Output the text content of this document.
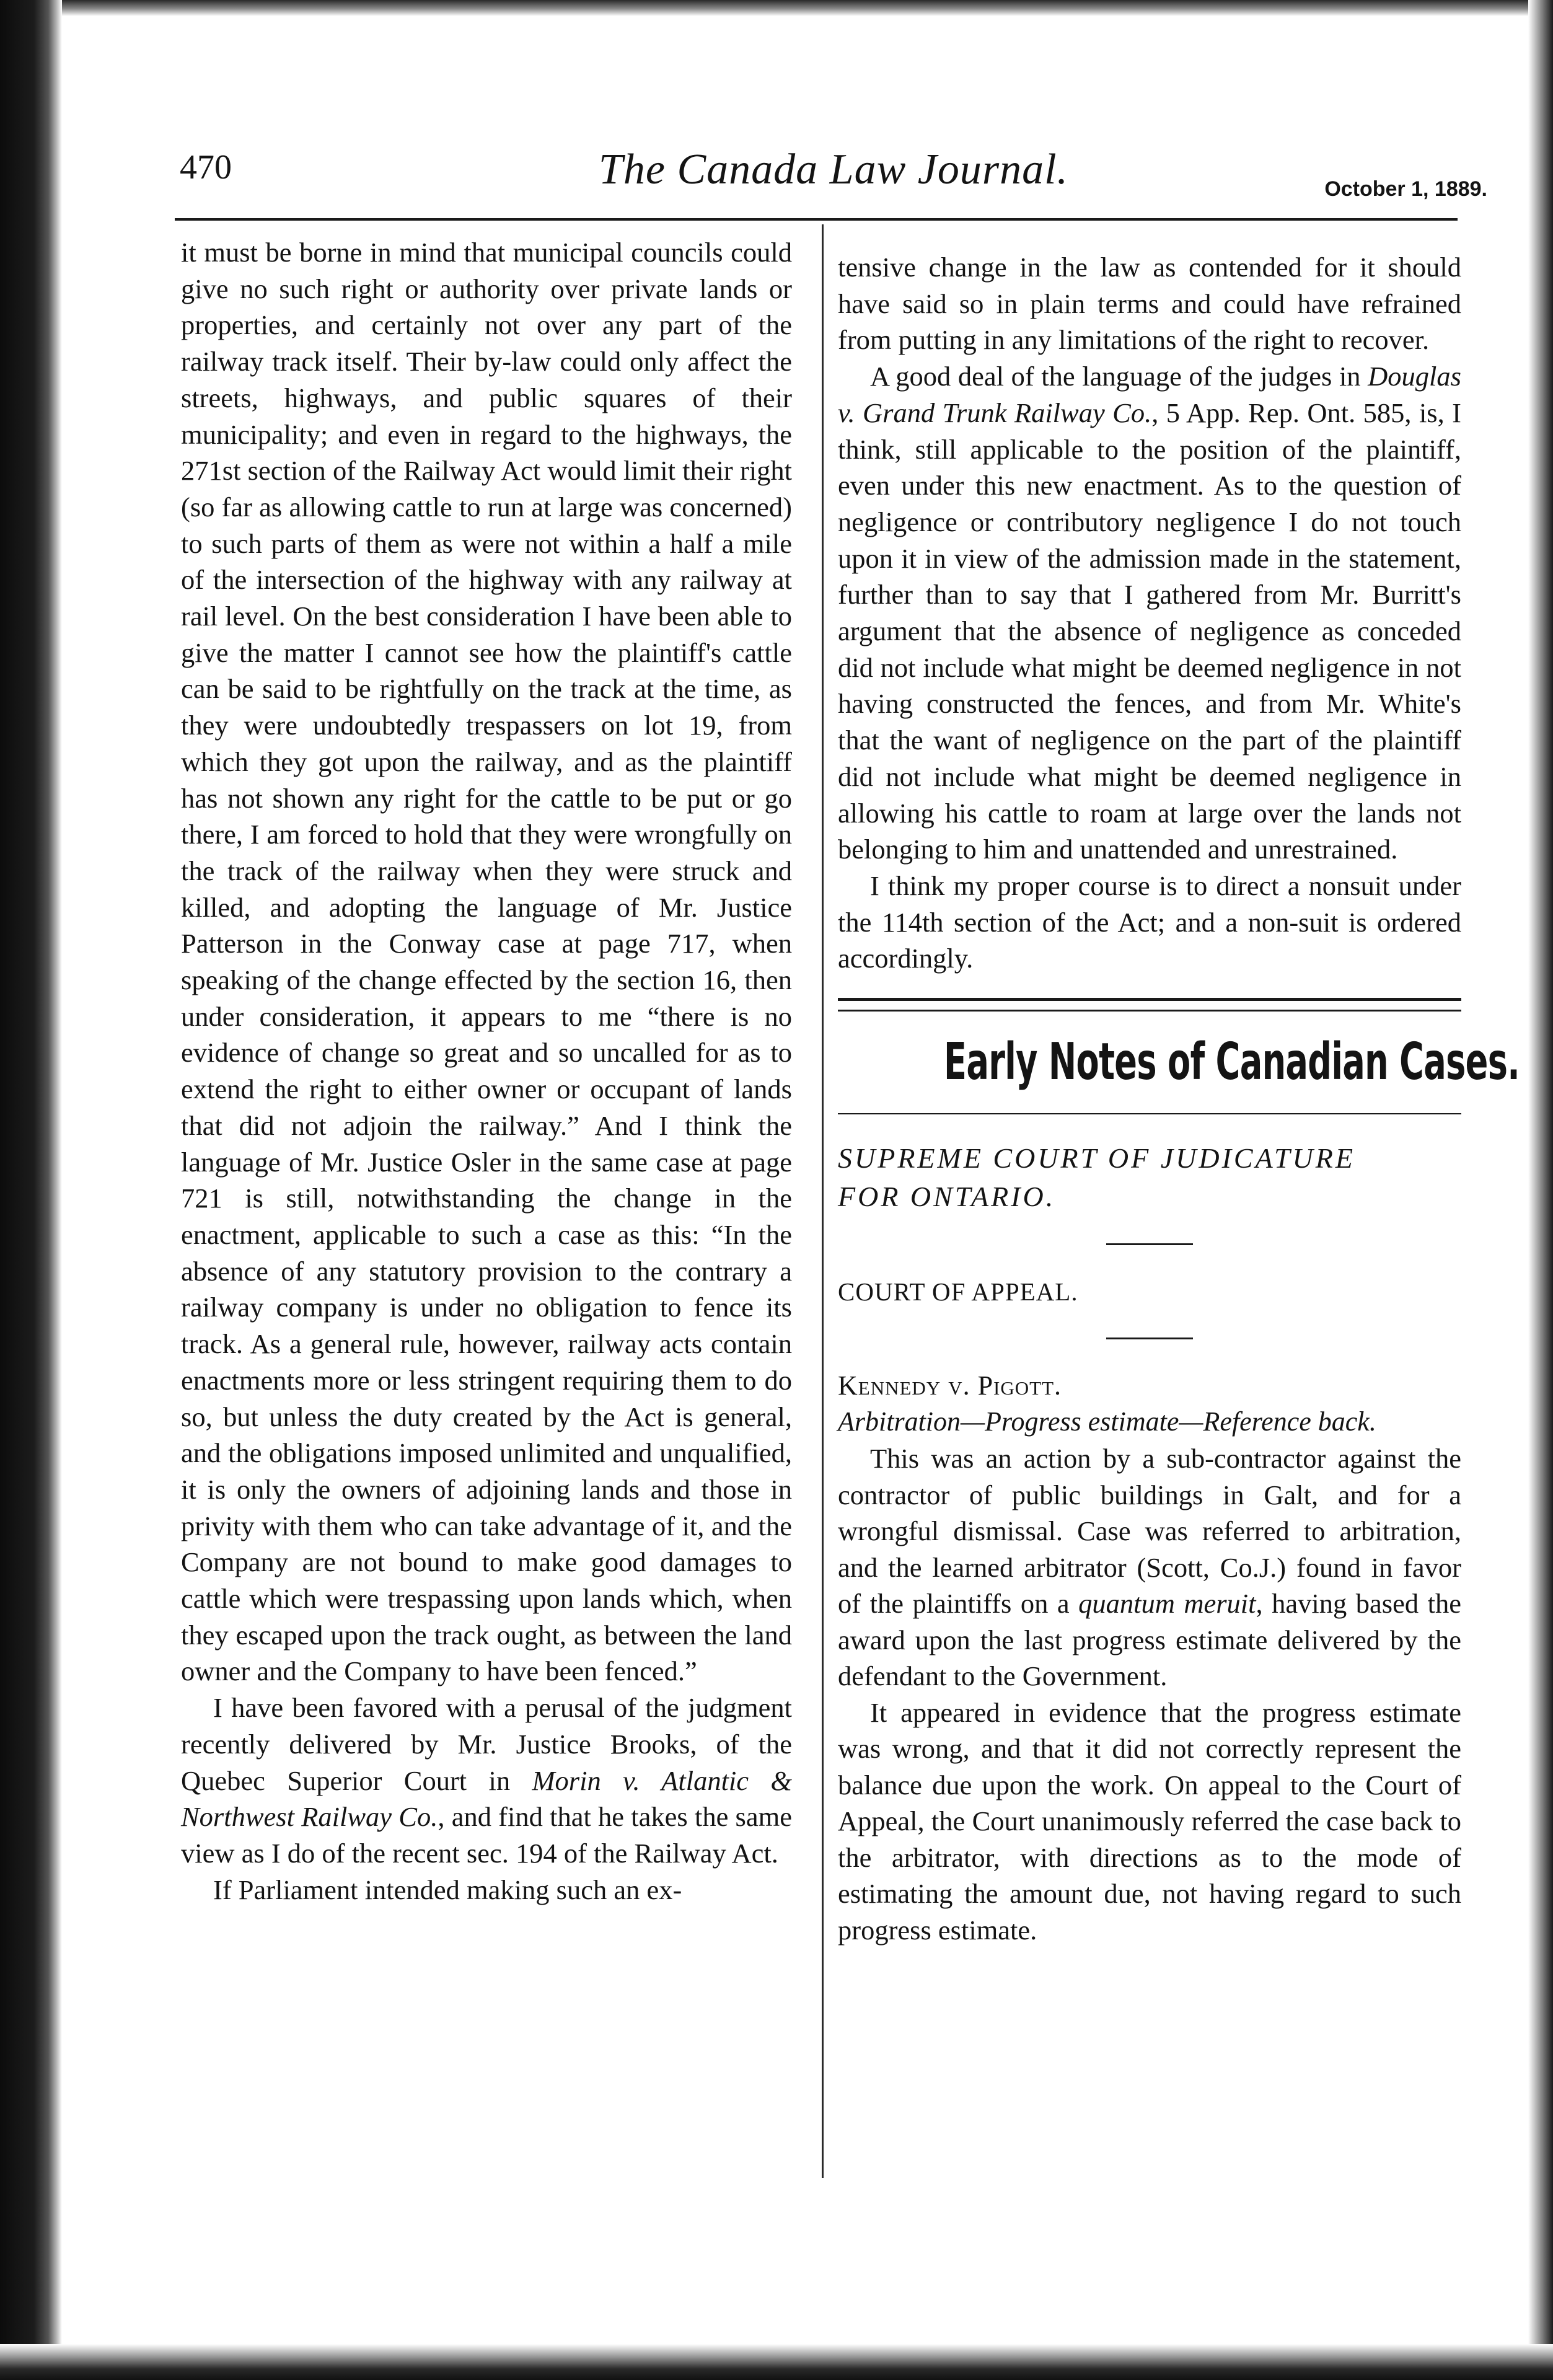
470	The Canada Law Journal.	October 1, 1889.

it must be borne in mind that municipal councils could give no such right or authority over private lands or properties, and certainly not over any part of the railway track itself. Their by-law could only affect the streets, highways, and public squares of their municipality; and even in regard to the highways, the 271st section of the Railway Act would limit their right (so far as allowing cattle to run at large was concerned) to such parts of them as were not within a half a mile of the intersection of the highway with any railway at rail level. On the best consideration I have been able to give the matter I cannot see how the plaintiff's cattle can be said to be rightfully on the track at the time, as they were undoubtedly trespassers on lot 19, from which they got upon the railway, and as the plaintiff has not shown any right for the cattle to be put or go there, I am forced to hold that they were wrongfully on the track of the railway when they were struck and killed, and adopting the language of Mr. Justice Patterson in the Conway case at page 717, when speaking of the change effected by the section 16, then under consideration, it appears to me “there is no evidence of change so great and so uncalled for as to extend the right to either owner or occupant of lands that did not adjoin the railway.” And I think the language of Mr. Justice Osler in the same case at page 721 is still, notwithstanding the change in the enactment, applicable to such a case as this: “In the absence of any statutory provision to the contrary a railway company is under no obligation to fence its track. As a general rule, however, railway acts contain enactments more or less stringent requiring them to do so, but unless the duty created by the Act is general, and the obligations imposed unlimited and unqualified, it is only the owners of adjoining lands and those in privity with them who can take advantage of it, and the Company are not bound to make good damages to cattle which were trespassing upon lands which, when they escaped upon the track ought, as between the land owner and the Company to have been fenced.”

I have been favored with a perusal of the judgment recently delivered by Mr. Justice Brooks, of the Quebec Superior Court in Morin v. Atlantic & Northwest Railway Co., and find that he takes the same view as I do of the recent sec. 194 of the Railway Act.

If Parliament intended making such an ex-

tensive change in the law as contended for it should have said so in plain terms and could have refrained from putting in any limitations of the right to recover.

A good deal of the language of the judges in Douglas v. Grand Trunk Railway Co., 5 App. Rep. Ont. 585, is, I think, still applicable to the position of the plaintiff, even under this new enactment. As to the question of negligence or contributory negligence I do not touch upon it in view of the admission made in the statement, further than to say that I gathered from Mr. Burritt's argument that the absence of negligence as conceded did not include what might be deemed negligence in not having constructed the fences, and from Mr. White's that the want of negligence on the part of the plaintiff did not include what might be deemed negligence in allowing his cattle to roam at large over the lands not belonging to him and unattended and unrestrained.

I think my proper course is to direct a nonsuit under the 114th section of the Act; and a non-suit is ordered accordingly.

Early Notes of Canadian Cases.

SUPREME COURT OF JUDICATURE

FOR ONTARIO.

COURT OF APPEAL.

Kennedy v. Pigott.

Arbitration—Progress estimate—Reference back.

This was an action by a sub-contractor against the contractor of public buildings in Galt, and for a wrongful dismissal. Case was referred to arbitration, and the learned arbitrator (Scott, Co.J.) found in favor of the plaintiffs on a quantum meruit, having based the award upon the last progress estimate delivered by the defendant to the Government.

It appeared in evidence that the progress estimate was wrong, and that it did not correctly represent the balance due upon the work. On appeal to the Court of Appeal, the Court unanimously referred the case back to the arbitrator, with directions as to the mode of estimating the amount due, not having regard to such progress estimate.
